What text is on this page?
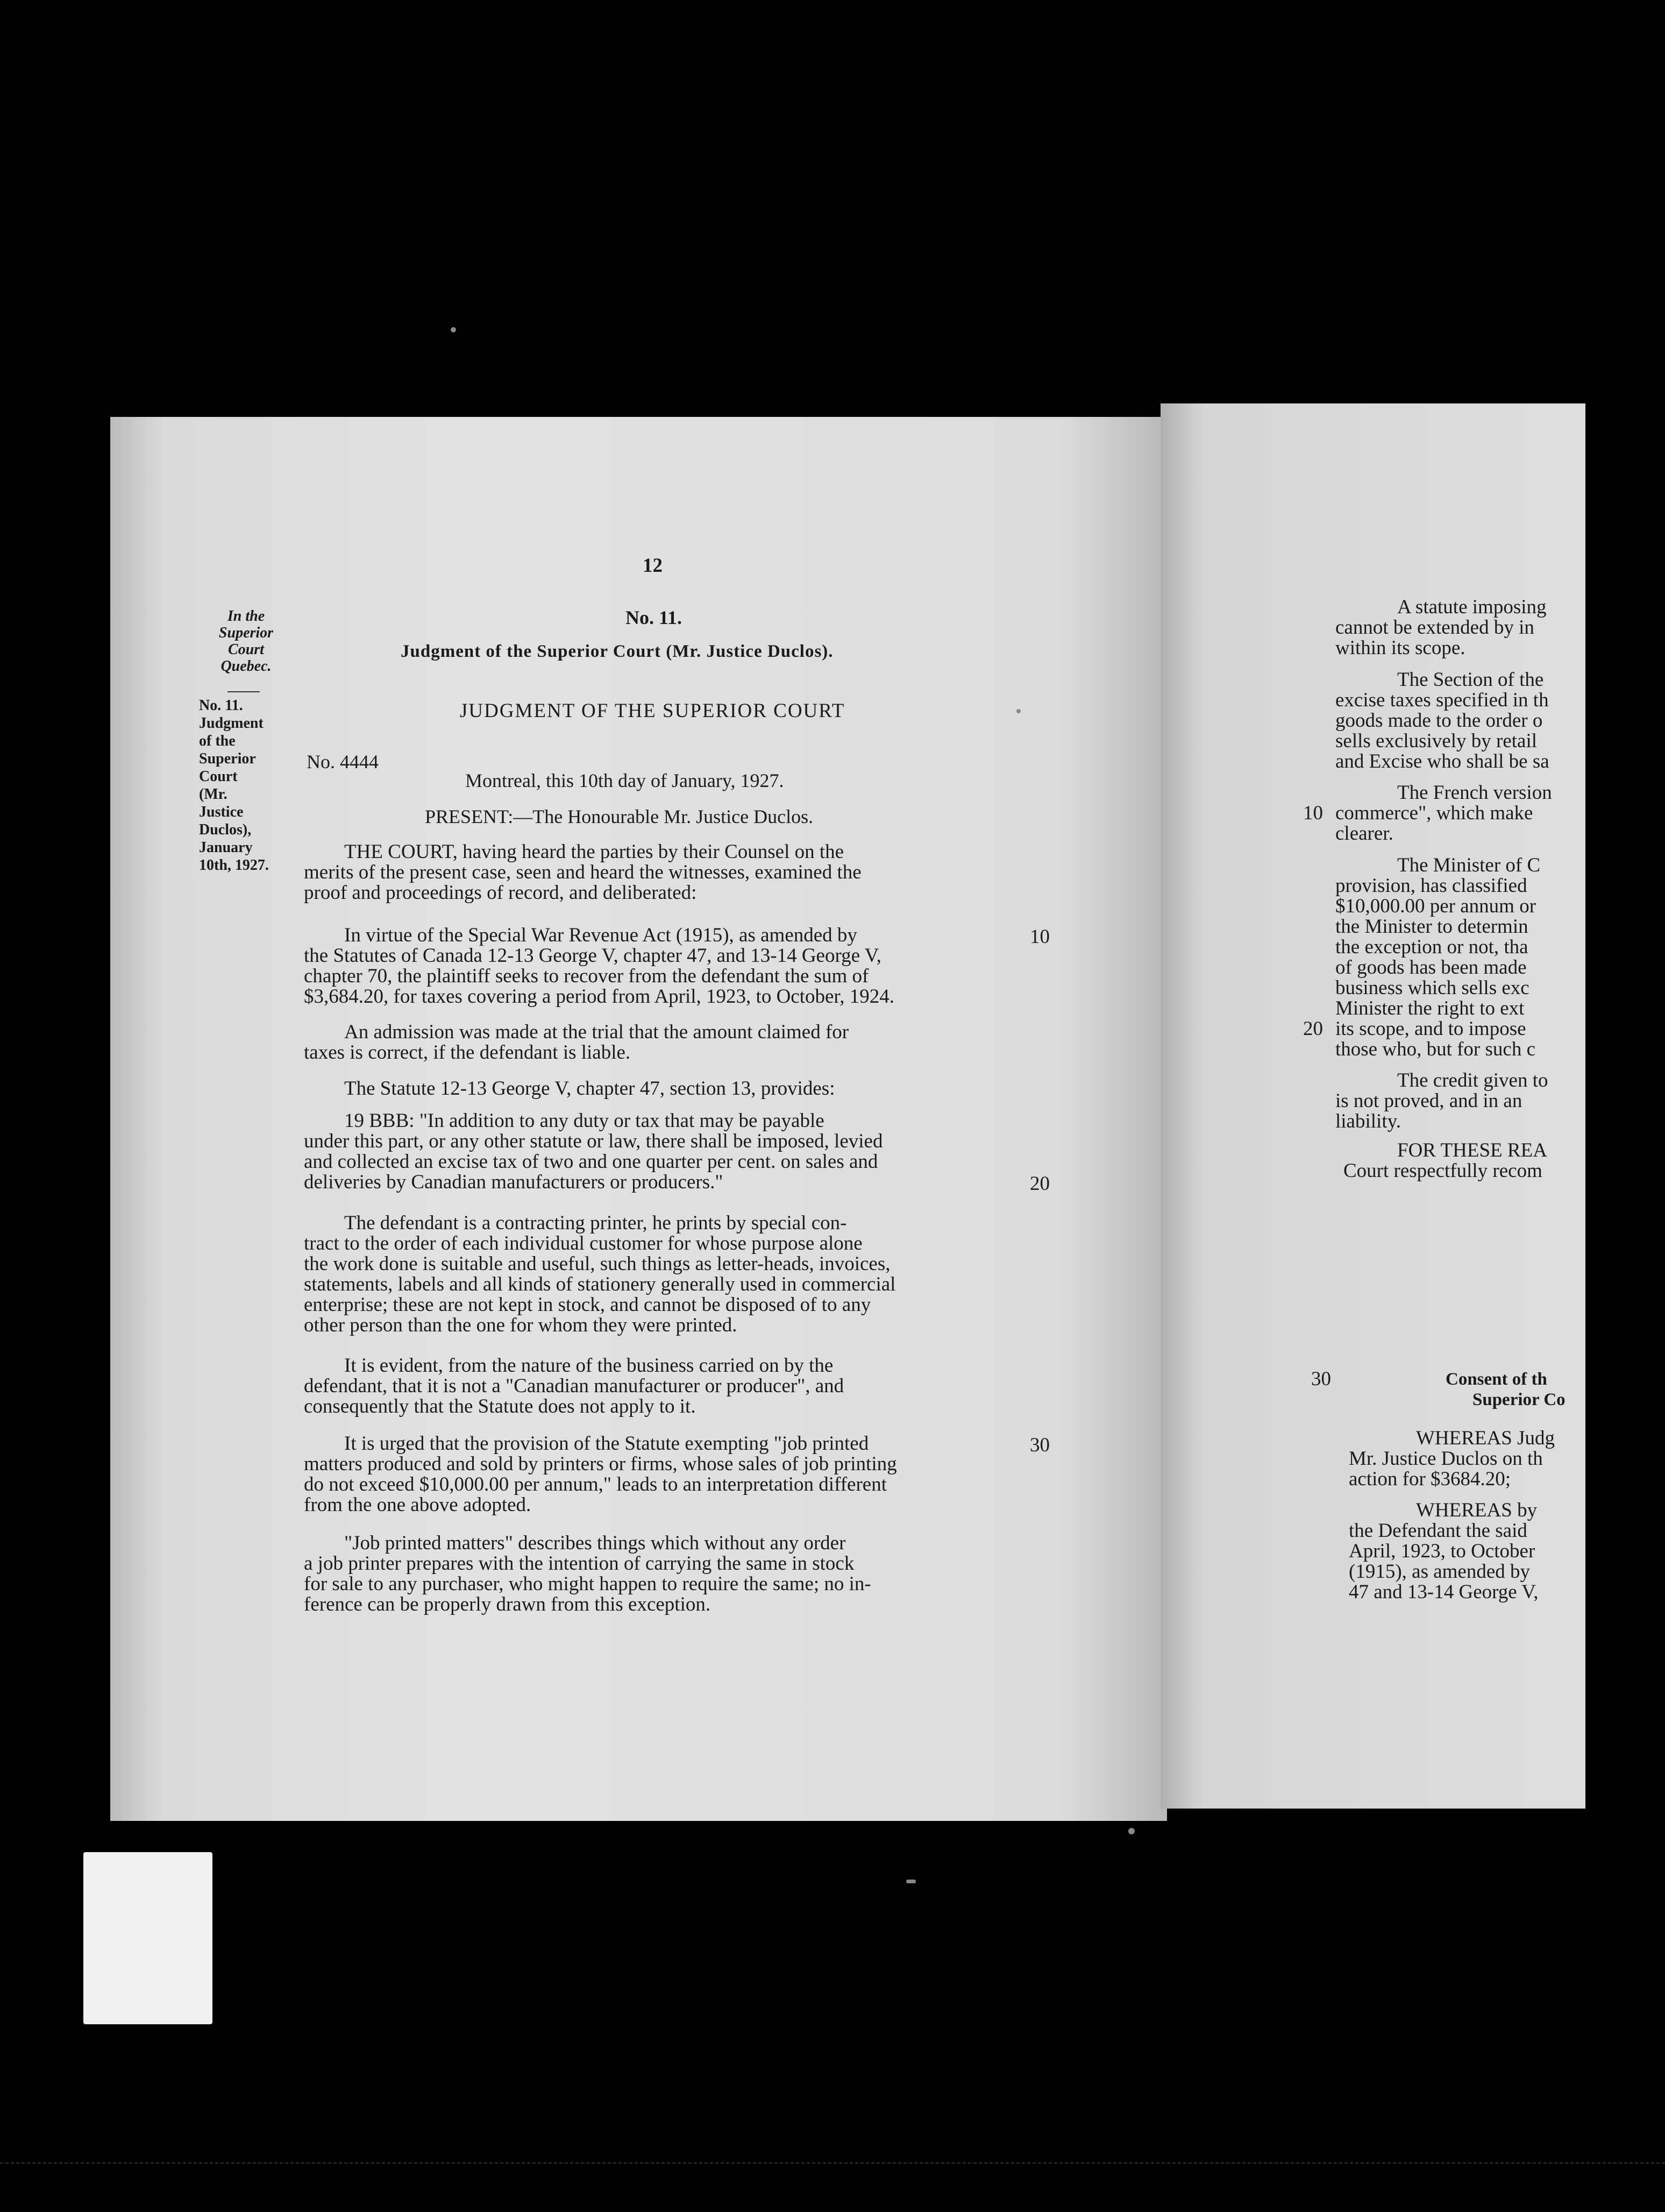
12
In the
Superior
Court
Quebec.
No. 11.
Judgment
of the
Superior
Court
(Mr.
Justice
Duclos),
January
10th, 1927.
No. 11.
Judgment of the Superior Court (Mr. Justice Duclos).
JUDGMENT OF THE SUPERIOR COURT
No. 4444
Montreal, this 10th day of January, 1927.
PRESENT:—The Honourable Mr. Justice Duclos.
THE COURT, having heard the parties by their Counsel on the
merits of the present case, seen and heard the witnesses, examined the
proof and proceedings of record, and deliberated:
In virtue of the Special War Revenue Act (1915), as amended by
the Statutes of Canada 12-13 George V, chapter 47, and 13-14 George V,
chapter 70, the plaintiff seeks to recover from the defendant the sum of
$3,684.20, for taxes covering a period from April, 1923, to October, 1924.
10
An admission was made at the trial that the amount claimed for
taxes is correct, if the defendant is liable.
The Statute 12-13 George V, chapter 47, section 13, provides:
19 BBB: "In addition to any duty or tax that may be payable
under this part, or any other statute or law, there shall be imposed, levied
and collected an excise tax of two and one quarter per cent. on sales and
deliveries by Canadian manufacturers or producers."	20
The defendant is a contracting printer, he prints by special con-
tract to the order of each individual customer for whose purpose alone
the work done is suitable and useful, such things as letter-heads, invoices,
statements, labels and all kinds of stationery generally used in commercial
enterprise; these are not kept in stock, and cannot be disposed of to any
other person than the one for whom they were printed.
It is evident, from the nature of the business carried on by the
defendant, that it is not a "Canadian manufacturer or producer", and
consequently that the Statute does not apply to it.
It is urged that the provision of the Statute exempting "job printed
matters produced and sold by printers or firms, whose sales of job printing
do not exceed $10,000.00 per annum," leads to an interpretation different
from the one above adopted.
30
"Job printed matters" describes things which without any order
a job printer prepares with the intention of carrying the same in stock
for sale to any purchaser, who might happen to require the same; no in-
ference can be properly drawn from this exception.
A statute imposing
cannot be extended by in
within its scope.
The Section of the
excise taxes specified in th
goods made to the order o
sells exclusively by retail
and Excise who shall be sa
The French version
10 commerce", which make
clearer.
The Minister of C
provision, has classified
$10,000.00 per annum or
the Minister to determin
the exception or not, tha
of goods has been made
business which sells exc
Minister the right to ext
20 its scope, and to impose
those who, but for such c
The credit given to
is not proved, and in an
liability.
FOR THESE REA
Court respectfully recom
30	Consent of th
Superior Co
WHEREAS Judg
Mr. Justice Duclos on th
action for $3684.20;
WHEREAS by
the Defendant the said
April, 1923, to October
(1915), as amended by
47 and 13-14 George V,
